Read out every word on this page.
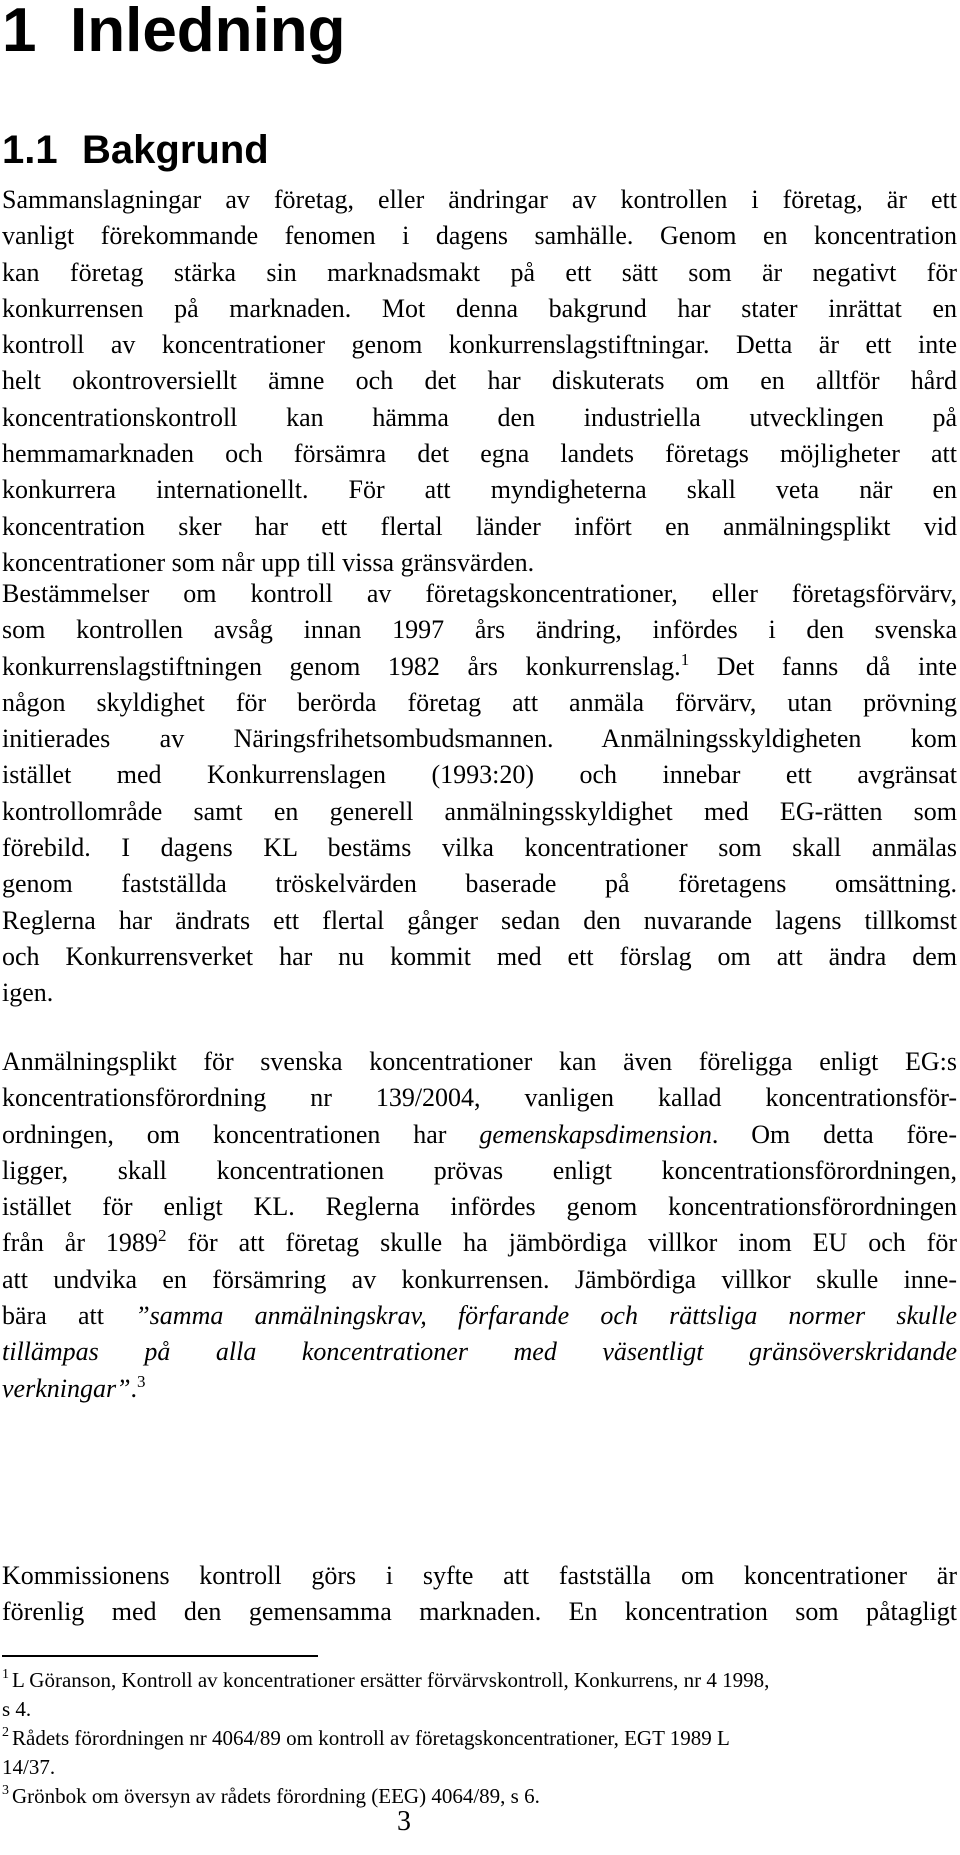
1 Inledning
1.1 Bakgrund
Sammanslagningar av företag, eller ändringar av kontrollen i företag, är ett
vanligt förekommande fenomen i dagens samhälle. Genom en koncentration
kan företag stärka sin marknadsmakt på ett sätt som är negativt för
konkurrensen på marknaden. Mot denna bakgrund har stater inrättat en
kontroll av koncentrationer genom konkurrenslagstiftningar. Detta är ett inte
helt okontroversiellt ämne och det har diskuterats om en alltför hård
koncentrationskontroll kan hämma den industriella utvecklingen på
hemmamarknaden och försämra det egna landets företags möjligheter att
konkurrera internationellt. För att myndigheterna skall veta när en
koncentration sker har ett flertal länder infört en anmälningsplikt vid
koncentrationer som når upp till vissa gränsvärden.
Bestämmelser om kontroll av företagskoncentrationer, eller företagsförvärv,
som kontrollen avsåg innan 1997 års ändring, infördes i den svenska
konkurrenslagstiftningen genom 1982 års konkurrenslag.$^1$ Det fanns då inte
någon skyldighet för berörda företag att anmäla förvärv, utan prövning
initierades av Näringsfrihetsombudsmannen. Anmälningsskyldigheten kom
istället med Konkurrenslagen (1993:20) och innebar ett avgränsat
kontrollområde samt en generell anmälningsskyldighet med EG-rätten som
förebild. I dagens KL bestäms vilka koncentrationer som skall anmälas
genom fastställda tröskelvärden baserade på företagens omsättning.
Reglerna har ändrats ett flertal gånger sedan den nuvarande lagens tillkomst
och Konkurrensverket har nu kommit med ett förslag om att ändra dem
igen.
Anmälningsplikt för svenska koncentrationer kan även föreligga enligt EG:s
koncentrationsförordning nr 139/2004, vanligen kallad koncentrationsför-
ordningen, om koncentrationen har gemenskapsdimension. Om detta före-
ligger, skall koncentrationen prövas enligt koncentrationsförordningen,
istället för enligt KL. Reglerna infördes genom koncentrationsförordningen
från år 1989$^2$ för att företag skulle ha jämbördiga villkor inom EU och för
att undvika en försämring av konkurrensen. Jämbördiga villkor skulle inne-
bära att ”samma anmälningskrav, förfarande och rättsliga normer skulle
tillämpas på alla koncentrationer med väsentligt gränsöverskridande
verkningar”.$^3$
Kommissionens kontroll görs i syfte att fastställa om koncentrationer är
förenlig med den gemensamma marknaden. En koncentration som påtagligt
$^1$ L Göranson, Kontroll av koncentrationer ersätter förvärvskontroll, Konkurrens, nr 4 1998,
s 4.
$^2$ Rådets förordningen nr 4064/89 om kontroll av företagskoncentrationer, EGT 1989 L
14/37.
$^3$ Grönbok om översyn av rådets förordning (EEG) 4064/89, s 6.
3
